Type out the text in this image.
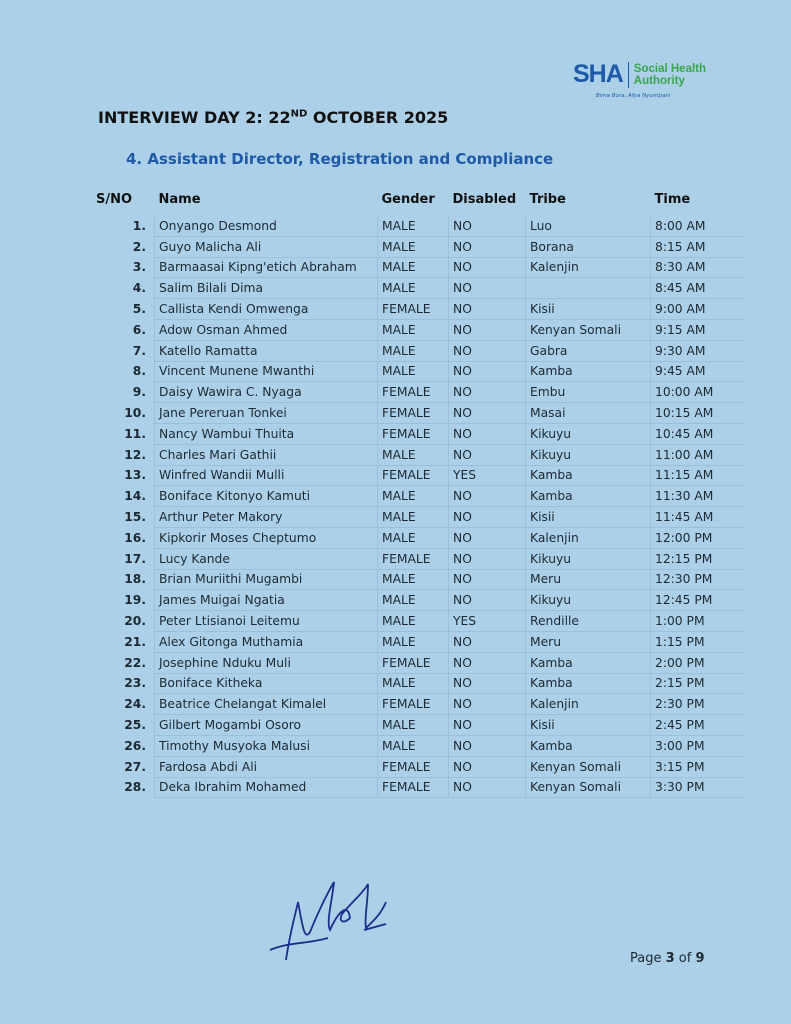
SHA Social Health
Authority
Bima Bora, Afya Nyumbani
INTERVIEW DAY 2: 22ND OCTOBER 2025
4. Assistant Director, Registration and Compliance
S/NO	Name	Gender	Disabled	Tribe	Time
1.	Onyango Desmond	MALE	NO	Luo	8:00 AM
2.	Guyo Malicha Ali	MALE	NO	Borana	8:15 AM
3.	Barmaasai Kipng'etich Abraham	MALE	NO	Kalenjin	8:30 AM
4.	Salim Bilali Dima	MALE	NO		8:45 AM
5.	Callista Kendi Omwenga	FEMALE	NO	Kisii	9:00 AM
6.	Adow Osman Ahmed	MALE	NO	Kenyan Somali	9:15 AM
7.	Katello Ramatta	MALE	NO	Gabra	9:30 AM
8.	Vincent Munene Mwanthi	MALE	NO	Kamba	9:45 AM
9.	Daisy Wawira C. Nyaga	FEMALE	NO	Embu	10:00 AM
10.	Jane Pereruan Tonkei	FEMALE	NO	Masai	10:15 AM
11.	Nancy Wambui Thuita	FEMALE	NO	Kikuyu	10:45 AM
12.	Charles Mari Gathii	MALE	NO	Kikuyu	11:00 AM
13.	Winfred Wandii Mulli	FEMALE	YES	Kamba	11:15 AM
14.	Boniface Kitonyo Kamuti	MALE	NO	Kamba	11:30 AM
15.	Arthur Peter Makory	MALE	NO	Kisii	11:45 AM
16.	Kipkorir Moses Cheptumo	MALE	NO	Kalenjin	12:00 PM
17.	Lucy Kande	FEMALE	NO	Kikuyu	12:15 PM
18.	Brian Muriithi Mugambi	MALE	NO	Meru	12:30 PM
19.	James Muigai Ngatia	MALE	NO	Kikuyu	12:45 PM
20.	Peter Ltisianoi Leitemu	MALE	YES	Rendille	1:00 PM
21.	Alex Gitonga Muthamia	MALE	NO	Meru	1:15 PM
22.	Josephine Nduku Muli	FEMALE	NO	Kamba	2:00 PM
23.	Boniface Kitheka	MALE	NO	Kamba	2:15 PM
24.	Beatrice Chelangat Kimalel	FEMALE	NO	Kalenjin	2:30 PM
25.	Gilbert Mogambi Osoro	MALE	NO	Kisii	2:45 PM
26.	Timothy Musyoka Malusi	MALE	NO	Kamba	3:00 PM
27.	Fardosa Abdi Ali	FEMALE	NO	Kenyan Somali	3:15 PM
28.	Deka Ibrahim Mohamed	FEMALE	NO	Kenyan Somali	3:30 PM
Page 3 of 9
